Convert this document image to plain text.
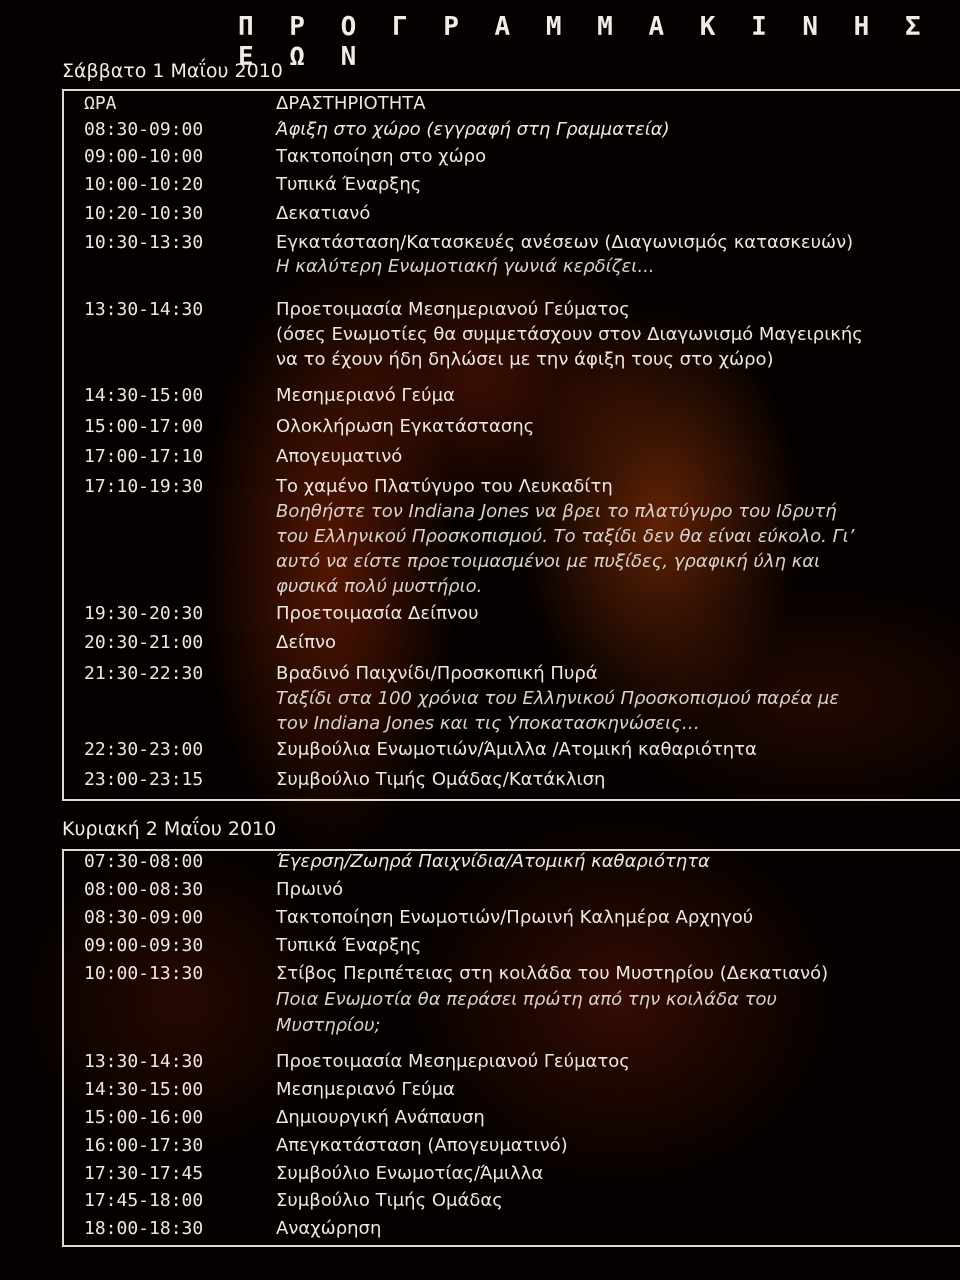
Π Ρ Ο Γ Ρ Α Μ Μ Α Κ Ι Ν Η Σ Ε Ω Ν
Σάββατο 1 Μαΐου 2010
ΩΡΑ	ΔΡΑΣΤΗΡΙΟΤΗΤΑ
08:30-09:00	Άφιξη στο χώρο (εγγραφή στη Γραμματεία)
09:00-10:00	Τακτοποίηση στο χώρο
10:00-10:20	Τυπικά Έναρξης
10:20-10:30	Δεκατιανό
10:30-13:30	Εγκατάσταση/Κατασκευές ανέσεων (Διαγωνισμός κατασκευών)
Η καλύτερη Ενωμοτιακή γωνιά κερδίζει...
13:30-14:30	Προετοιμασία Μεσημεριανού Γεύματος
(όσες Ενωμοτίες θα συμμετάσχουν στον Διαγωνισμό Μαγειρικής
να το έχουν ήδη δηλώσει με την άφιξη τους στο χώρο)
14:30-15:00	Μεσημεριανό Γεύμα
15:00-17:00	Ολοκλήρωση Εγκατάστασης
17:00-17:10	Απογευματινό
17:10-19:30	Το χαμένο Πλατύγυρο του Λευκαδίτη
Βοηθήστε τον Indiana Jones να βρει το πλατύγυρο του Ιδρυτή
του Ελληνικού Προσκοπισμού. Το ταξίδι δεν θα είναι εύκολο. Γι’
αυτό να είστε προετοιμασμένοι με πυξίδες, γραφική ύλη και
φυσικά πολύ μυστήριο.
19:30-20:30	Προετοιμασία Δείπνου
20:30-21:00	Δείπνο
21:30-22:30	Βραδινό Παιχνίδι/Προσκοπική Πυρά
Ταξίδι στα 100 χρόνια του Ελληνικού Προσκοπισμού παρέα με
τον Indiana Jones και τις Υποκατασκηνώσεις…
22:30-23:00	Συμβούλια Ενωμοτιών/Άμιλλα /Ατομική καθαριότητα
23:00-23:15	Συμβούλιο Τιμής Ομάδας/Κατάκλιση
Κυριακή 2 Μαΐου 2010
07:30-08:00	Έγερση/Ζωηρά Παιχνίδια/Ατομική καθαριότητα
08:00-08:30	Πρωινό
08:30-09:00	Τακτοποίηση Ενωμοτιών/Πρωινή Καλημέρα Αρχηγού
09:00-09:30	Τυπικά Έναρξης
10:00-13:30	Στίβος Περιπέτειας στη κοιλάδα του Μυστηρίου (Δεκατιανό)
Ποια Ενωμοτία θα περάσει πρώτη από την κοιλάδα του
Μυστηρίου;
13:30-14:30	Προετοιμασία Μεσημεριανού Γεύματος
14:30-15:00	Μεσημεριανό Γεύμα
15:00-16:00	Δημιουργική Ανάπαυση
16:00-17:30	Απεγκατάσταση (Απογευματινό)
17:30-17:45	Συμβούλιο Ενωμοτίας/Άμιλλα
17:45-18:00	Συμβούλιο Τιμής Ομάδας
18:00-18:30	Αναχώρηση
